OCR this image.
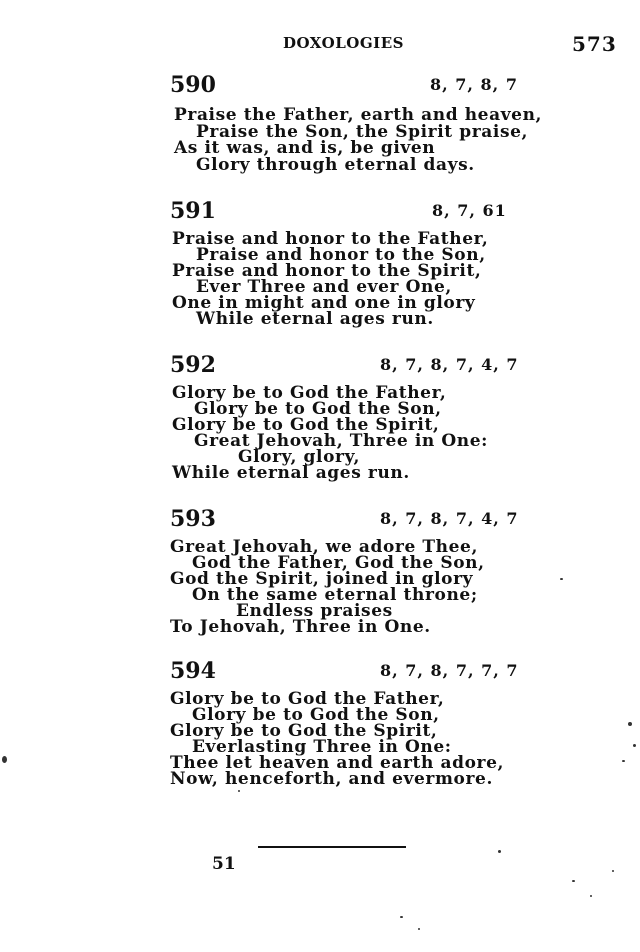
DOXOLOGIES	573
590	8, 7, 8, 7
Praise the Father, earth and heaven,
Praise the Son, the Spirit praise,
As it was, and is, be given
Glory through eternal days.
591	8, 7, 61
Praise and honor to the Father,
Praise and honor to the Son,
Praise and honor to the Spirit,
Ever Three and ever One,
One in might and one in glory
While eternal ages run.
592	8, 7, 8, 7, 4, 7
Glory be to God the Father,
Glory be to God the Son,
Glory be to God the Spirit,
Great Jehovah, Three in One:
Glory, glory,
While eternal ages run.
593	8, 7, 8, 7, 4, 7
Great Jehovah, we adore Thee,
God the Father, God the Son,
God the Spirit, joined in glory
On the same eternal throne;
Endless praises
To Jehovah, Three in One.
594	8, 7, 8, 7, 7, 7
Glory be to God the Father,
Glory be to God the Son,
Glory be to God the Spirit,
Everlasting Three in One:
Thee let heaven and earth adore,
Now, henceforth, and evermore.
51
